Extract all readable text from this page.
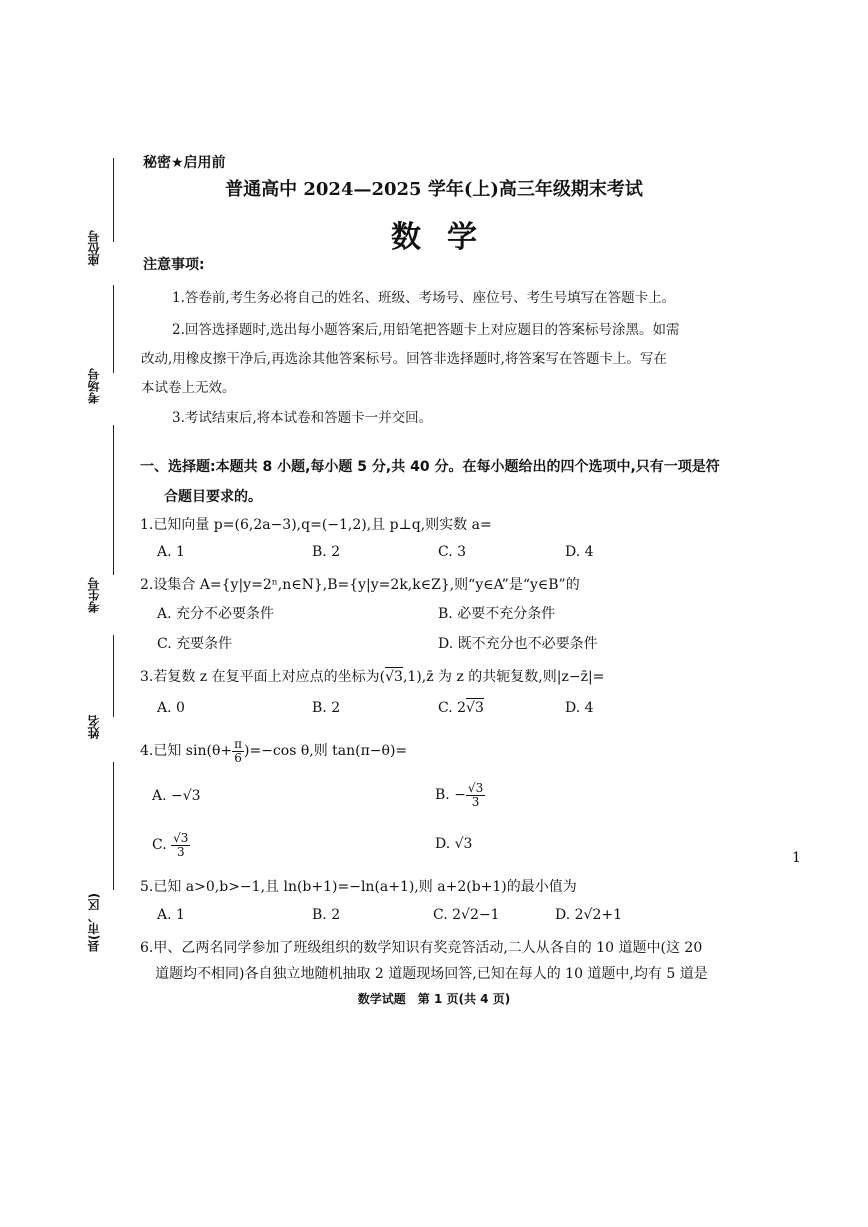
座位号
考场号
考生号
姓名
县(市、区)
秘密★启用前
普通高中 2024—2025 学年(上)高三年级期末考试
数学
注意事项:
1.答卷前,考生务必将自己的姓名、班级、考场号、座位号、考生号填写在答题卡上。
2.回答选择题时,选出每小题答案后,用铅笔把答题卡上对应题目的答案标号涂黑。如需
改动,用橡皮擦干净后,再选涂其他答案标号。回答非选择题时,将答案写在答题卡上。写在
本试卷上无效。
3.考试结束后,将本试卷和答题卡一并交回。
一、选择题:本题共 8 小题,每小题 5 分,共 40 分。在每小题给出的四个选项中,只有一项是符
合题目要求的。
1.已知向量 p=(6,2a−3),q=(−1,2),且 p⊥q,则实数 a=
A. 1	B. 2	C. 3	D. 4
2.设集合 A={y|y=2ⁿ,n∈N},B={y|y=2k,k∈Z},则“y∈A”是“y∈B”的
A. 充分不必要条件	B. 必要不充分条件
C. 充要条件	D. 既不充分也不必要条件
3.若复数 z 在复平面上对应点的坐标为(√3,1),z̄ 为 z 的共轭复数,则|z−z̄|=
A. 0	B. 2	C. 2√3	D. 4
4.已知 $\sin(\theta+ \frac{\pi}{6} )=-\cos$ θ,则 tan(π−θ)=
A. −√3	B. − $\frac{√3}{3}$
C. $\frac{√3}{3}$	D. √3
1
5.已知 a>0,b>−1,且 ln(b+1)=−ln(a+1),则 a+2(b+1)的最小值为
A. 1	B. 2	C. 2√2−1	D. 2√2+1
6.甲、乙两名同学参加了班级组织的数学知识有奖竞答活动,二人从各自的 10 道题中(这 20
道题均不相同)各自独立地随机抽取 2 道题现场回答,已知在每人的 10 道题中,均有 5 道是
数学试题　第 1 页(共 4 页)
